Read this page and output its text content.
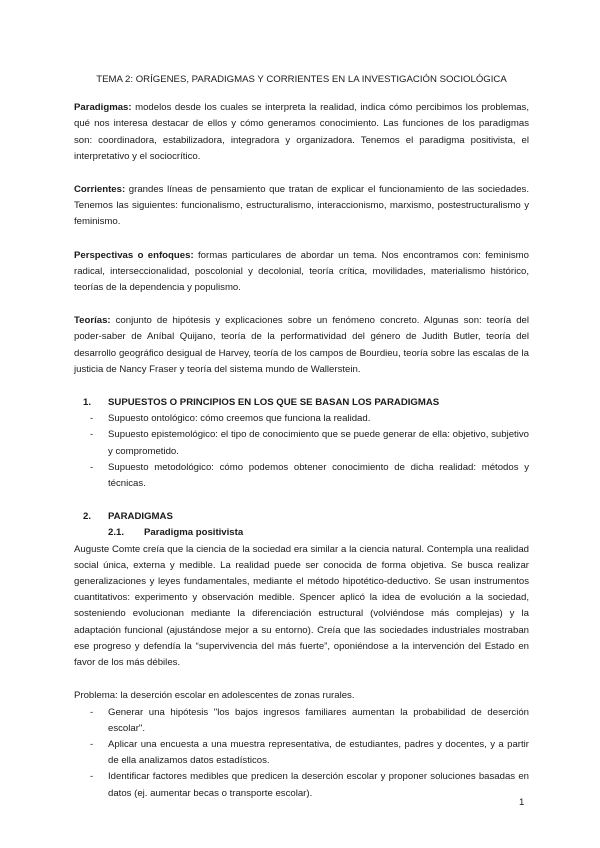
TEMA 2: ORÍGENES, PARADIGMAS Y CORRIENTES EN LA INVESTIGACIÓN SOCIOLÓGICA

Paradigmas: modelos desde los cuales se interpreta la realidad, indica cómo percibimos los problemas, qué nos interesa destacar de ellos y cómo generamos conocimiento. Las funciones de los paradigmas son: coordinadora, estabilizadora, integradora y organizadora. Tenemos el paradigma positivista, el interpretativo y el sociocrítico.

Corrientes: grandes líneas de pensamiento que tratan de explicar el funcionamiento de las sociedades. Tenemos las siguientes: funcionalismo, estructuralismo, interaccionismo, marxismo, postestructuralismo y feminismo.

Perspectivas o enfoques: formas particulares de abordar un tema. Nos encontramos con: feminismo radical, interseccionalidad, poscolonial y decolonial, teoría crítica, movilidades, materialismo histórico, teorías de la dependencia y populismo.

Teorías: conjunto de hipótesis y explicaciones sobre un fenómeno concreto. Algunas son: teoría del poder-saber de Aníbal Quijano, teoría de la performatividad del género de Judith Butler, teoría del desarrollo geográfico desigual de Harvey, teoría de los campos de Bourdieu, teoría sobre las escalas de la justicia de Nancy Fraser y teoría del sistema mundo de Wallerstein.

1.	SUPUESTOS O PRINCIPIOS EN LOS QUE SE BASAN LOS PARADIGMAS
-	Supuesto ontológico: cómo creemos que funciona la realidad.
-	Supuesto epistemológico: el tipo de conocimiento que se puede generar de ella: objetivo, subjetivo y comprometido.
-	Supuesto metodológico: cómo podemos obtener conocimiento de dicha realidad: métodos y técnicas.
2.	PARADIGMAS
2.1.	Paradigma positivista

Auguste Comte creía que la ciencia de la sociedad era similar a la ciencia natural. Contempla una realidad social única, externa y medible. La realidad puede ser conocida de forma objetiva. Se busca realizar generalizaciones y leyes fundamentales, mediante el método hipotético-deductivo. Se usan instrumentos cuantitativos: experimento y observación medible. Spencer aplicó la idea de evolución a la sociedad, sosteniendo evolucionan mediante la diferenciación estructural (volviéndose más complejas) y la adaptación funcional (ajustándose mejor a su entorno). Creía que las sociedades industriales mostraban ese progreso y defendía la “supervivencia del más fuerte”, oponiéndose a la intervención del Estado en favor de los más débiles.

Problema: la deserción escolar en adolescentes de zonas rurales.

-	Generar una hipótesis "los bajos ingresos familiares aumentan la probabilidad de deserción escolar".
-	Aplicar una encuesta a una muestra representativa, de estudiantes, padres y docentes, y a partir de ella analizamos datos estadísticos.
-	Identificar factores medibles que predicen la deserción escolar y proponer soluciones basadas en datos (ej. aumentar becas o transporte escolar).
1
